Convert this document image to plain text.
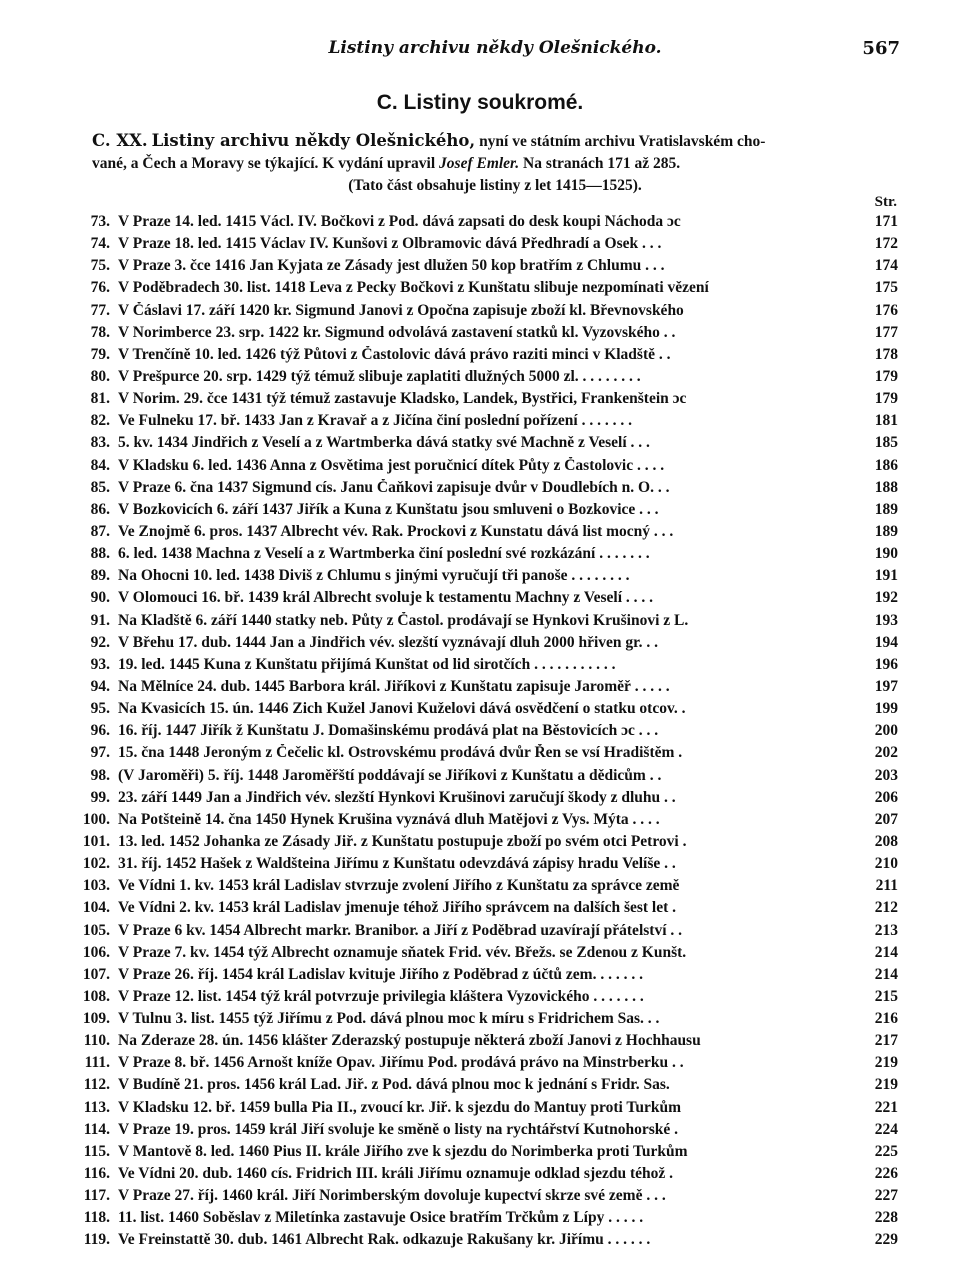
Listiny archivu někdy Olešnického.	567
C. Listiny soukromé.
C. XX. Listiny archivu někdy Olešnického, nyní ve státním archivu Vratislavském cho-
vané, a Čech a Moravy se týkající. K vydání upravil Josef Emler. Na stranách 171 až 285.
(Tato část obsahuje listiny z let 1415—1525).
Str.
73. V Praze 14. led. 1415 Václ. IV. Bočkovi z Pod. dává zapsati do desk koupi Náchoda ɔc	171
74. V Praze 18. led. 1415 Václav IV. Kunšovi z Olbramovic dává Předhradí a Osek . . .	172
75. V Praze 3. čce 1416 Jan Kyjata ze Zásady jest dlužen 50 kop bratřím z Chlumu . . .	174
76. V Poděbradech 30. list. 1418 Leva z Pecky Bočkovi z Kunštatu slibuje nezpomínati vězení	175
77. V Čáslavi 17. září 1420 kr. Sigmund Janovi z Opočna zapisuje zboží kl. Břevnovského	176
78. V Norimberce 23. srp. 1422 kr. Sigmund odvolává zastavení statků kl. Vyzovského . .	177
79. V Trenčíně 10. led. 1426 týž Půtovi z Častolovic dává právo raziti minci v Kladště . .	178
80. V Prešpurce 20. srp. 1429 týž témuž slibuje zaplatiti dlužných 5000 zl. . . . . . . . .	179
81. V Norim. 29. čce 1431 týž témuž zastavuje Kladsko, Landek, Bystřici, Frankenštein ɔc	179
82. Ve Fulneku 17. bř. 1433 Jan z Kravař a z Jičína činí poslední pořízení . . . . . . .	181
83. 5. kv. 1434 Jindřich z Veselí a z Wartmberka dává statky své Machně z Veselí . . .	185
84. V Kladsku 6. led. 1436 Anna z Osvětima jest poručnicí dítek Půty z Častolovic . . . .	186
85. V Praze 6. čna 1437 Sigmund cís. Janu Čaňkovi zapisuje dvůr v Doudlebích n. O. . .	188
86. V Bozkovicích 6. září 1437 Jiřík a Kuna z Kunštatu jsou smluveni o Bozkovice . . .	189
87. Ve Znojmě 6. pros. 1437 Albrecht vév. Rak. Prockovi z Kunstatu dává list mocný . . .	189
88. 6. led. 1438 Machna z Veselí a z Wartmberka činí poslední své rozkázání . . . . . . .	190
89. Na Ohocni 10. led. 1438 Diviš z Chlumu s jinými vyručují tři panoše . . . . . . . .	191
90. V Olomouci 16. bř. 1439 král Albrecht svoluje k testamentu Machny z Veselí . . . .	192
91. Na Kladště 6. září 1440 statky neb. Půty z Častol. prodávají se Hynkovi Krušinovi z L.	193
92. V Břehu 17. dub. 1444 Jan a Jindřich vév. slezští vyznávají dluh 2000 hřiven gr. . .	194
93. 19. led. 1445 Kuna z Kunštatu přijímá Kunštat od lid sirotčích . . . . . . . . . . .	196
94. Na Mělníce 24. dub. 1445 Barbora král. Jiříkovi z Kunštatu zapisuje Jaroměř . . . . .	197
95. Na Kvasicích 15. ún. 1446 Zich Kužel Janovi Kuželovi dává osvědčení o statku otcov. .	199
96. 16. říj. 1447 Jiřík ž Kunštatu J. Domašinskému prodává plat na Běstovicích ɔc . . .	200
97. 15. čna 1448 Jeroným z Čečelic kl. Ostrovskému prodává dvůr Řen se vsí Hradištěm .	202
98. (V Jaroměři) 5. říj. 1448 Jaroměřští poddávají se Jiříkovi z Kunštatu a dědicům . .	203
99. 23. září 1449 Jan a Jindřich vév. slezští Hynkovi Krušinovi zaručují škody z dluhu . .	206
100. Na Potšteině 14. čna 1450 Hynek Krušina vyznává dluh Matějovi z Vys. Mýta . . . .	207
101. 13. led. 1452 Johanka ze Zásady Jiř. z Kunštatu postupuje zboží po svém otci Petrovi .	208
102. 31. říj. 1452 Hašek z Waldšteina Jiřímu z Kunštatu odevzdává zápisy hradu Velíše . .	210
103. Ve Vídni 1. kv. 1453 král Ladislav stvrzuje zvolení Jiřího z Kunštatu za správce země	211
104. Ve Vídni 2. kv. 1453 král Ladislav jmenuje téhož Jiřího správcem na dalších šest let .	212
105. V Praze 6 kv. 1454 Albrecht markr. Branibor. a Jiří z Poděbrad uzavírají přátelství . .	213
106. V Praze 7. kv. 1454 týž Albrecht oznamuje sňatek Frid. vév. Břežs. se Zdenou z Kunšt.	214
107. V Praze 26. říj. 1454 král Ladislav kvituje Jiřího z Poděbrad z účtů zem. . . . . . .	214
108. V Praze 12. list. 1454 týž král potvrzuje privilegia kláštera Vyzovického . . . . . . .	215
109. V Tulnu 3. list. 1455 týž Jiřímu z Pod. dává plnou moc k míru s Fridrichem Sas. . .	216
110. Na Zderaze 28. ún. 1456 klášter Zderazský postupuje některá zboží Janovi z Hochhausu	217
111. V Praze 8. bř. 1456 Arnošt kníže Opav. Jiřímu Pod. prodává právo na Minstrberku . .	219
112. V Budíně 21. pros. 1456 král Lad. Jiř. z Pod. dává plnou moc k jednání s Fridr. Sas.	219
113. V Kladsku 12. bř. 1459 bulla Pia II., zvoucí kr. Jiř. k sjezdu do Mantuy proti Turkům	221
114. V Praze 19. pros. 1459 král Jiří svoluje ke směně o listy na rychtářství Kutnohorské .	224
115. V Mantově 8. led. 1460 Pius II. krále Jiřího zve k sjezdu do Norimberka proti Turkům	225
116. Ve Vídni 20. dub. 1460 cís. Fridrich III. králi Jiřímu oznamuje odklad sjezdu téhož .	226
117. V Praze 27. říj. 1460 král. Jiří Norimberským dovoluje kupectví skrze své země . . .	227
118. 11. list. 1460 Soběslav z Miletínka zastavuje Osice bratřím Trčkům z Lípy . . . . .	228
119. Ve Freinstattě 30. dub. 1461 Albrecht Rak. odkazuje Rakušany kr. Jiřímu . . . . . .	229
